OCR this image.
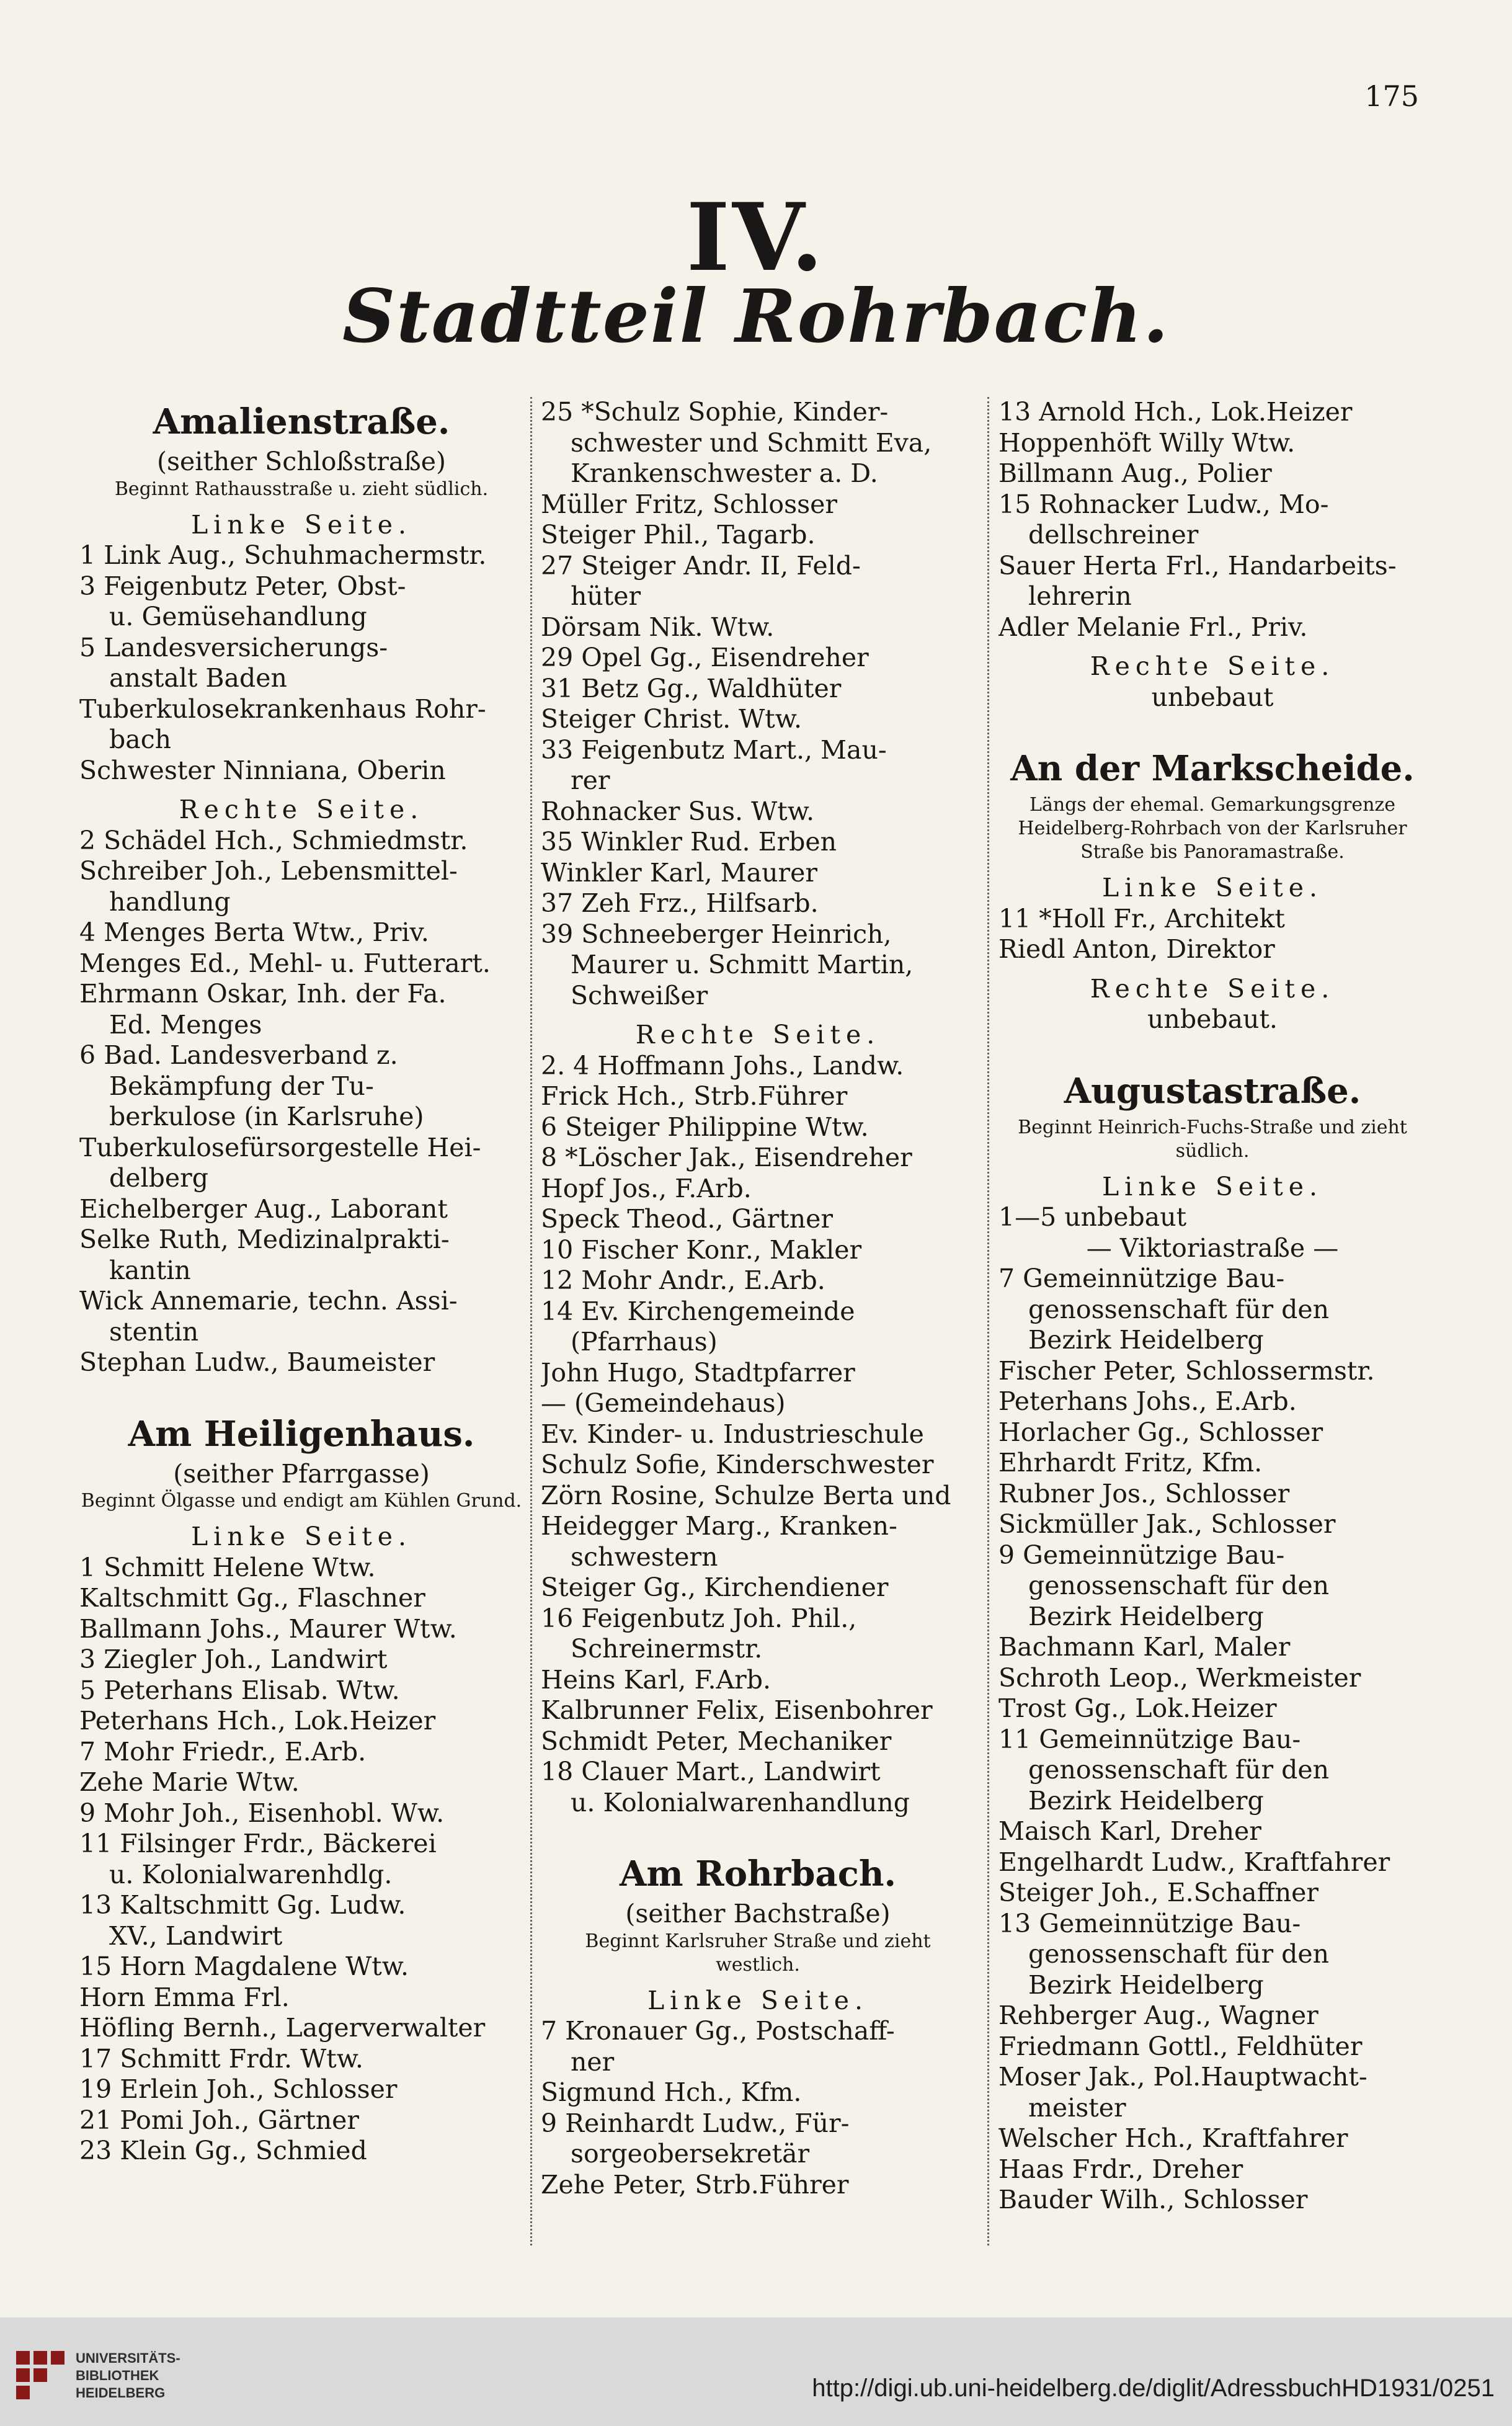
175
IV.
Stadtteil Rohrbach.
Amalienstraße.
(seither Schloßstraße)
Beginnt Rathausstraße u. zieht südlich.
Linke Seite.
1 Link Aug., Schuhmachermstr.
3 Feigenbutz Peter, Obst-
u. Gemüsehandlung
5 Landesversicherungs-
anstalt Baden
Tuberkulosekrankenhaus Rohr-
bach
Schwester Ninniana, Oberin
Rechte Seite.
2 Schädel Hch., Schmiedmstr.
Schreiber Joh., Lebensmittel-
handlung
4 Menges Berta Wtw., Priv.
Menges Ed., Mehl- u. Futterart.
Ehrmann Oskar, Inh. der Fa.
Ed. Menges
6 Bad. Landesverband z.
Bekämpfung der Tu-
berkulose (in Karlsruhe)
Tuberkulosefürsorgestelle Hei-
delberg
Eichelberger Aug., Laborant
Selke Ruth, Medizinalprakti-
kantin
Wick Annemarie, techn. Assi-
stentin
Stephan Ludw., Baumeister
Am Heiligenhaus.
(seither Pfarrgasse)
Beginnt Ölgasse und endigt am Kühlen Grund.
Linke Seite.
1 Schmitt Helene Wtw.
Kaltschmitt Gg., Flaschner
Ballmann Johs., Maurer Wtw.
3 Ziegler Joh., Landwirt
5 Peterhans Elisab. Wtw.
Peterhans Hch., Lok.Heizer
7 Mohr Friedr., E.Arb.
Zehe Marie Wtw.
9 Mohr Joh., Eisenhobl. Ww.
11 Filsinger Frdr., Bäckerei
u. Kolonialwarenhdlg.
13 Kaltschmitt Gg. Ludw.
XV., Landwirt
15 Horn Magdalene Wtw.
Horn Emma Frl.
Höfling Bernh., Lagerverwalter
17 Schmitt Frdr. Wtw.
19 Erlein Joh., Schlosser
21 Pomi Joh., Gärtner
23 Klein Gg., Schmied
25 *Schulz Sophie, Kinder-
schwester und Schmitt Eva,
Krankenschwester a. D.
Müller Fritz, Schlosser
Steiger Phil., Tagarb.
27 Steiger Andr. II, Feld-
hüter
Dörsam Nik. Wtw.
29 Opel Gg., Eisendreher
31 Betz Gg., Waldhüter
Steiger Christ. Wtw.
33 Feigenbutz Mart., Mau-
rer
Rohnacker Sus. Wtw.
35 Winkler Rud. Erben
Winkler Karl, Maurer
37 Zeh Frz., Hilfsarb.
39 Schneeberger Heinrich,
Maurer u. Schmitt Martin,
Schweißer
Rechte Seite.
2. 4 Hoffmann Johs., Landw.
Frick Hch., Strb.Führer
6 Steiger Philippine Wtw.
8 *Löscher Jak., Eisendreher
Hopf Jos., F.Arb.
Speck Theod., Gärtner
10 Fischer Konr., Makler
12 Mohr Andr., E.Arb.
14 Ev. Kirchengemeinde
(Pfarrhaus)
John Hugo, Stadtpfarrer
— (Gemeindehaus)
Ev. Kinder- u. Industrieschule
Schulz Sofie, Kinderschwester
Zörn Rosine, Schulze Berta und
Heidegger Marg., Kranken-
schwestern
Steiger Gg., Kirchendiener
16 Feigenbutz Joh. Phil.,
Schreinermstr.
Heins Karl, F.Arb.
Kalbrunner Felix, Eisenbohrer
Schmidt Peter, Mechaniker
18 Clauer Mart., Landwirt
u. Kolonialwarenhandlung
Am Rohrbach.
(seither Bachstraße)
Beginnt Karlsruher Straße und zieht westlich.
Linke Seite.
7 Kronauer Gg., Postschaff-
ner
Sigmund Hch., Kfm.
9 Reinhardt Ludw., Für-
sorgeobersekretär
Zehe Peter, Strb.Führer
13 Arnold Hch., Lok.Heizer
Hoppenhöft Willy Wtw.
Billmann Aug., Polier
15 Rohnacker Ludw., Mo-
dellschreiner
Sauer Herta Frl., Handarbeits-
lehrerin
Adler Melanie Frl., Priv.
Rechte Seite.
unbebaut
An der Markscheide.
Längs der ehemal. Gemarkungsgrenze Heidelberg-Rohrbach von der Karlsruher Straße bis Panoramastraße.
Linke Seite.
11 *Holl Fr., Architekt
Riedl Anton, Direktor
Rechte Seite.
unbebaut.
Augustastraße.
Beginnt Heinrich-Fuchs-Straße und zieht südlich.
Linke Seite.
1—5 unbebaut
— Viktoriastraße —
7 Gemeinnützige Bau-
genossenschaft für den
Bezirk Heidelberg
Fischer Peter, Schlossermstr.
Peterhans Johs., E.Arb.
Horlacher Gg., Schlosser
Ehrhardt Fritz, Kfm.
Rubner Jos., Schlosser
Sickmüller Jak., Schlosser
9 Gemeinnützige Bau-
genossenschaft für den
Bezirk Heidelberg
Bachmann Karl, Maler
Schroth Leop., Werkmeister
Trost Gg., Lok.Heizer
11 Gemeinnützige Bau-
genossenschaft für den
Bezirk Heidelberg
Maisch Karl, Dreher
Engelhardt Ludw., Kraftfahrer
Steiger Joh., E.Schaffner
13 Gemeinnützige Bau-
genossenschaft für den
Bezirk Heidelberg
Rehberger Aug., Wagner
Friedmann Gottl., Feldhüter
Moser Jak., Pol.Hauptwacht-
meister
Welscher Hch., Kraftfahrer
Haas Frdr., Dreher
Bauder Wilh., Schlosser
UNIVERSITÄTS-
BIBLIOTHEK
HEIDELBERG	http://digi.ub.uni-heidelberg.de/diglit/AdressbuchHD1931/0251
